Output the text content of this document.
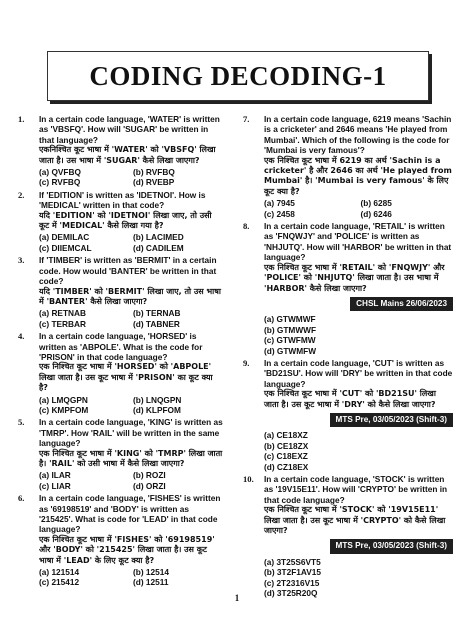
CODING DECODING-1
1. In a certain code language, 'WATER' is written as 'VBSFQ'. How will 'SUGAR' be written in that language?
एकनिश्चित कूट भाषा में 'WATER' को 'VBSFQ' लिखा जाता है। उस भाषा में 'SUGAR' कैसे लिखा जाएगा?
(a) QVFBQ	(b) RVFBQ
(c) RVFBQ	(d) RVEBP
2. If 'EDITION' is written as 'IDETNOI'. How is 'MEDICAL' written in that code?
यदि 'EDITION' को 'IDETNOI' लिखा जाए, तो उसी कूट में 'MEDICAL' कैसे लिखा गया है?
(a) DEMILAC	(b) LACIMED
(c) DIIEMCAL	(d) CADILEM
3. If 'TIMBER' is written as 'BERMIT' in a certain code. How would 'BANTER' be written in that code?
यदि 'TIMBER' को 'BERMIT' लिखा जाए, तो उस भाषा में 'BANTER' कैसे लिखा जाएगा?
(a) RETNAB	(b) TERNAB
(c) TERBAR	(d) TABNER
4. In a certain code language, 'HORSED' is written as 'ABPOLE'. What is the code for 'PRISON' in that code language?
एक निश्चित कूट भाषा में 'HORSED' को 'ABPOLE' लिखा जाता है। उस कूट भाषा में 'PRISON' का कूट क्या है?
(a) LMQGPN	(b) LNQGPN
(c) KMPFOM	(d) KLPFOM
5. In a certain code language, 'KING' is written as 'TMRP'. How 'RAIL' will be written in the same language?
एक निश्चित कूट भाषा में 'KING' को 'TMRP' लिखा जाता है। 'RAIL' को उसी भाषा में कैसे लिखा जाएगा?
(a) ILAR	(b) ROZI
(c) LIAR	(d) ORZI
6. In a certain code language, 'FISHES' is written as '69198519' and 'BODY' is written as '215425'. What is code for 'LEAD' in that code language?
एक निश्चित कूट भाषा में 'FISHES' को '69198519' और 'BODY' को '215425' लिखा जाता है। उस कूट भाषा में 'LEAD' के लिए कूट क्या है?
(a) 121514	(b) 12514
(c) 215412	(d) 12511
7. In a certain code language, 6219 means 'Sachin is a cricketer' and 2646 means 'He played from Mumbai'. Which of the following is the code for 'Mumbai is very famous'?
एक निश्चित कूट भाषा में 6219 का अर्थ 'Sachin is a cricketer' है और 2646 का अर्थ 'He played from Mumbai' है। 'Mumbai is very famous' के लिए कूट क्या है?
(a) 7945	(b) 6285
(c) 2458	(d) 6246
8. In a certain code language, 'RETAIL' is written as 'FNQWJY' and 'POLICE' is written as 'NHJUTQ'. How will 'HARBOR' be written in that language?
एक निश्चित कूट भाषा में 'RETAIL' को 'FNQWJY' और 'POLICE' को 'NHJUTQ' लिखा जाता है। उस भाषा में 'HARBOR' कैसे लिखा जाएगा?
CHSL Mains 26/06/2023
(a) GTWMWF
(b) GTMWWF
(c) GTWFMW
(d) GTWMFW
9. In a certain code language, 'CUT' is written as 'BD21SU'. How will 'DRY' be written in that code language?
एक निश्चित कूट भाषा में 'CUT' को 'BD21SU' लिखा जाता है। उस कूट भाषा में 'DRY' को कैसे लिखा जाएगा?
MTS Pre, 03/05/2023 (Shift-3)
(a) CE18XZ
(b) CE18ZX
(c) C18EXZ
(d) CZ18EX
10. In a certain code language, 'STOCK' is written as '19V15E11'. How will 'CRYPTO' be written in that code language?
एक निश्चित कूट भाषा में 'STOCK' को '19V15E11' लिखा जाता है। उस कूट भाषा में 'CRYPTO' को कैसे लिखा जाएगा?
MTS Pre, 03/05/2023 (Shift-3)
(a) 3T25S6VT5
(b) 3T2F1AV15
(c) 2T2316V15
(d) 3T25R20Q
1
